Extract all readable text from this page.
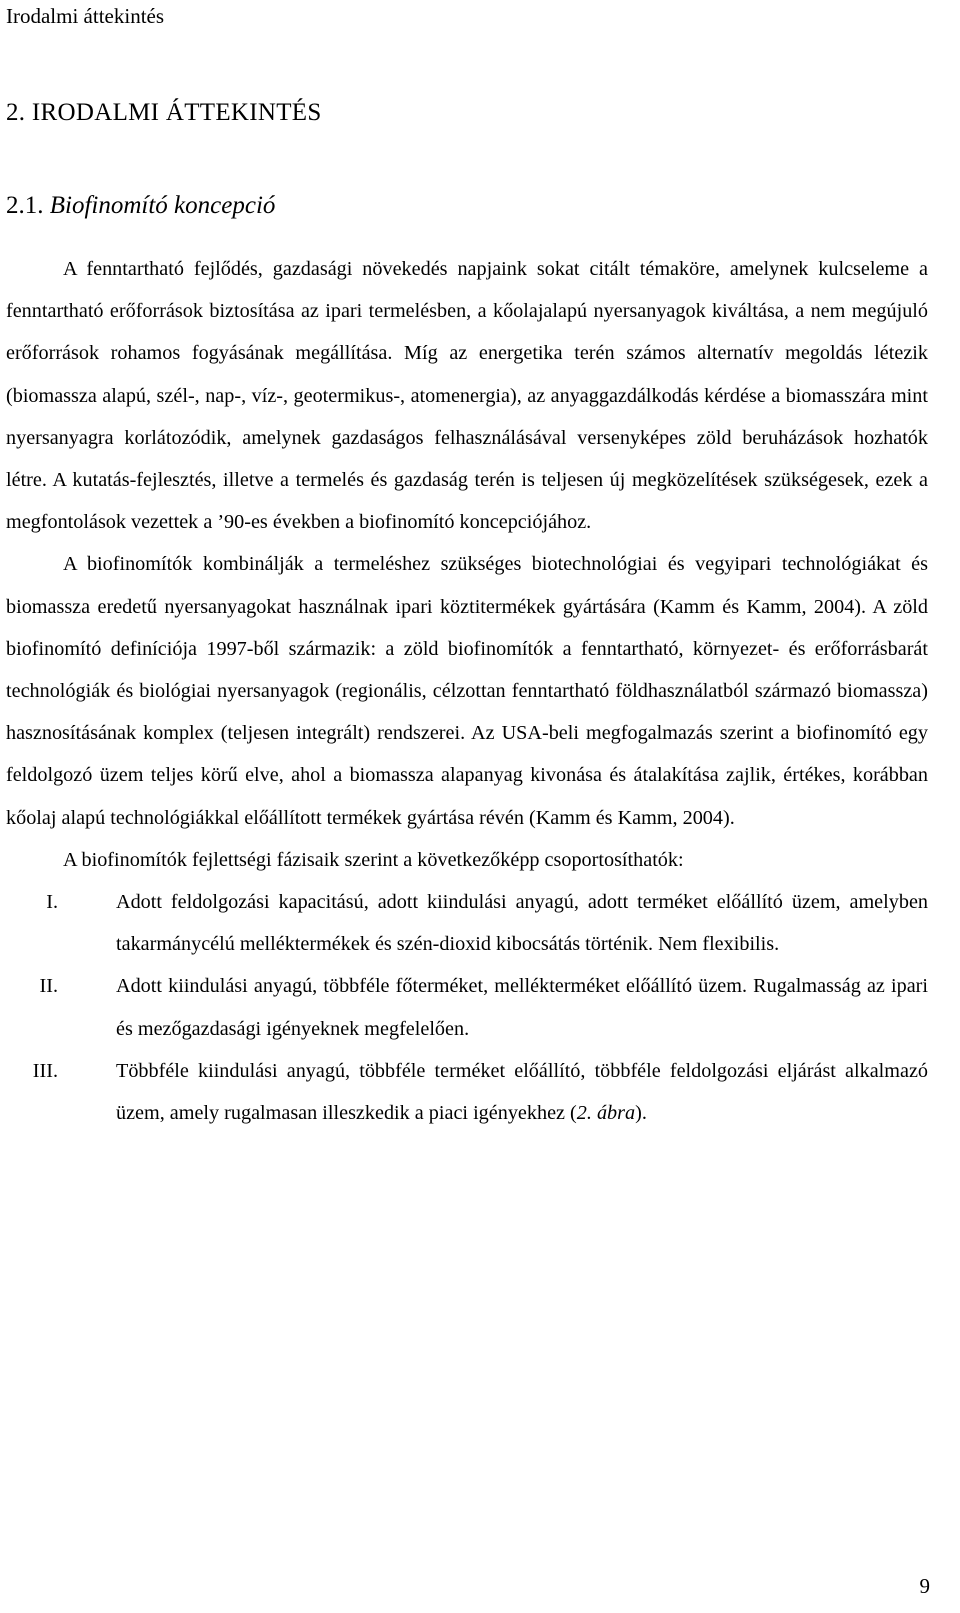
Irodalmi áttekintés
2. IRODALMI ÁTTEKINTÉS
2.1. Biofinomító koncepció

A fenntartható fejlődés, gazdasági növekedés napjaink sokat citált témaköre, amelynek kulcseleme a fenntartható erőforrások biztosítása az ipari termelésben, a kőolajalapú nyersanyagok kiváltása, a nem megújuló erőforrások rohamos fogyásának megállítása. Míg az energetika terén számos alternatív megoldás létezik (biomassza alapú, szél-, nap-, víz-, geotermikus-, atomenergia), az anyaggazdálkodás kérdése a biomasszára mint nyersanyagra korlátozódik, amelynek gazdaságos felhasználásával versenyképes zöld beruházások hozhatók létre. A kutatás-fejlesztés, illetve a termelés és gazdaság terén is teljesen új megközelítések szükségesek, ezek a megfontolások vezettek a ’90-es években a biofinomító koncepciójához.

A biofinomítók kombinálják a termeléshez szükséges biotechnológiai és vegyipari technológiákat és biomassza eredetű nyersanyagokat használnak ipari köztitermékek gyártására (Kamm és Kamm, 2004). A zöld biofinomító definíciója 1997-ből származik: a zöld biofinomítók a fenntartható, környezet- és erőforrásbarát technológiák és biológiai nyersanyagok (regionális, célzottan fenntartható földhasználatból származó biomassza) hasznosításának komplex (teljesen integrált) rendszerei. Az USA-beli megfogalmazás szerint a biofinomító egy feldolgozó üzem teljes körű elve, ahol a biomassza alapanyag kivonása és átalakítása zajlik, értékes, korábban kőolaj alapú technológiákkal előállított termékek gyártása révén (Kamm és Kamm, 2004).

A biofinomítók fejlettségi fázisaik szerint a következőképp csoportosíthatók:

I.	Adott feldolgozási kapacitású, adott kiindulási anyagú, adott terméket előállító üzem, amelyben takarmánycélú melléktermékek és szén-dioxid kibocsátás történik. Nem flexibilis.
II.	Adott kiindulási anyagú, többféle főterméket, mellékterméket előállító üzem. Rugalmasság az ipari és mezőgazdasági igényeknek megfelelően.
III.	Többféle kiindulási anyagú, többféle terméket előállító, többféle feldolgozási eljárást alkalmazó üzem, amely rugalmasan illeszkedik a piaci igényekhez (2. ábra).
9
